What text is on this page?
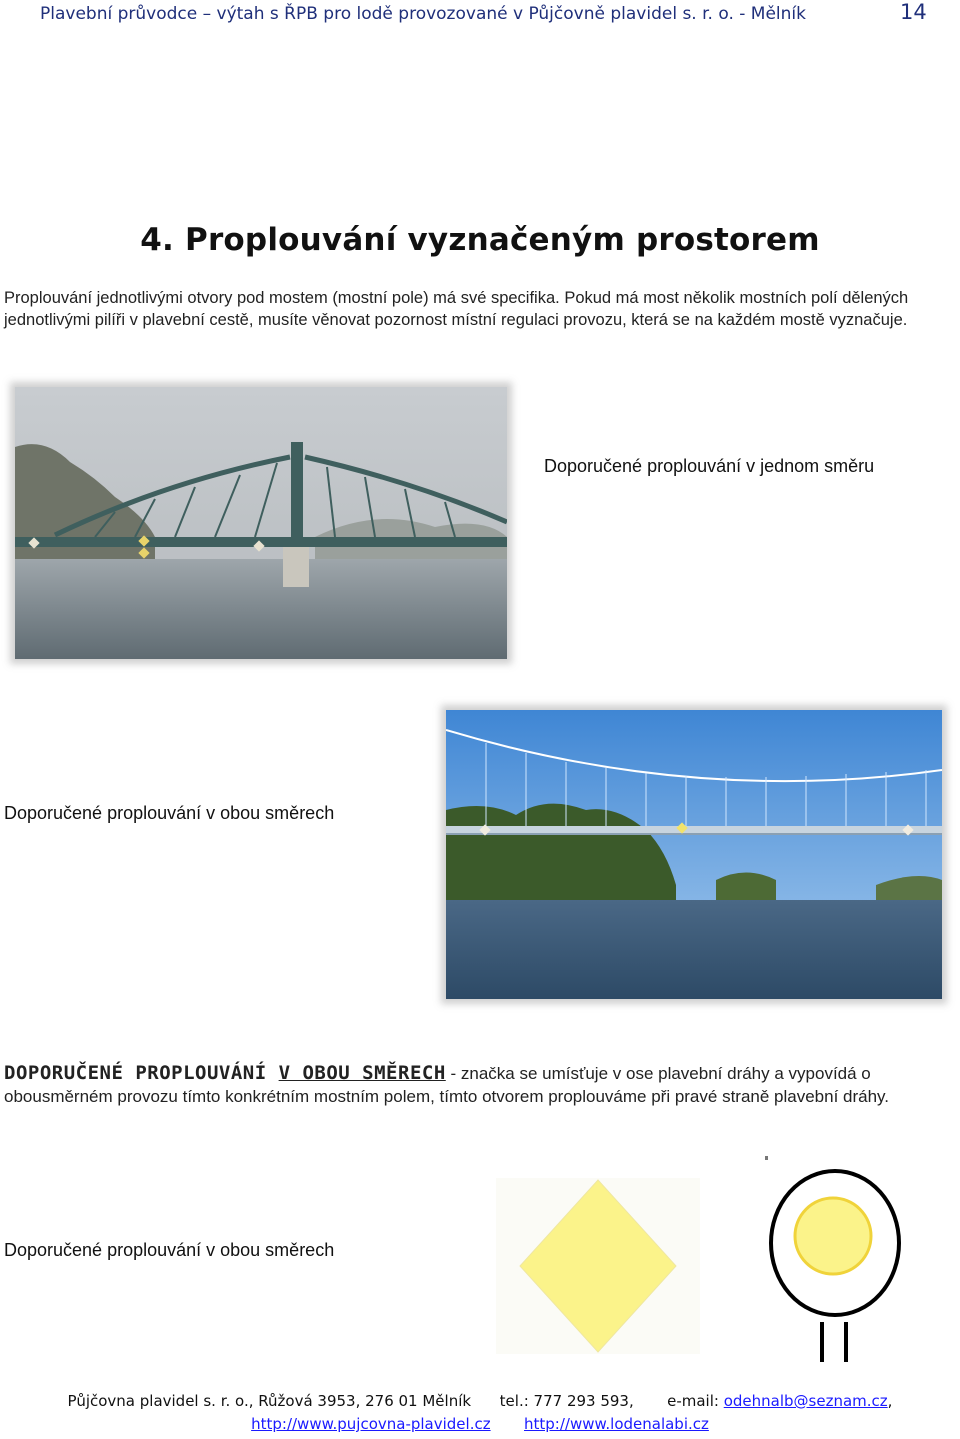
Plavební průvodce – výtah s ŘPB pro lodě provozované v Půjčovně plavidel s. r. o. - Mělník	14
4. Proplouvání vyznačeným prostorem
Proplouvání jednotlivými otvory pod mostem (mostní pole) má své specifika. Pokud má most několik mostních polí dělených jednotlivými pilíři v plavební cestě, musíte věnovat pozornost místní regulaci provozu, která se na každém mostě vyznačuje.
Doporučené proplouvání v jednom směru
Doporučené proplouvání v obou směrech
DOPORUČENÉ PROPLOUVÁNÍ V OBOU SMĚRECH - značka se umísťuje v ose plavební dráhy a vypovídá o obousměrném provozu tímto konkrétním mostním polem, tímto otvorem proplouváme při pravé straně plavební dráhy.
Doporučené proplouvání v obou směrech
Půjčovna plavidel s. r. o., Růžová 3953, 276 01 Mělník      tel.: 777 293 593,       e-mail: odehnalb@seznam.cz,
http://www.pujcovna-plavidel.cz http://www.lodenalabi.cz
